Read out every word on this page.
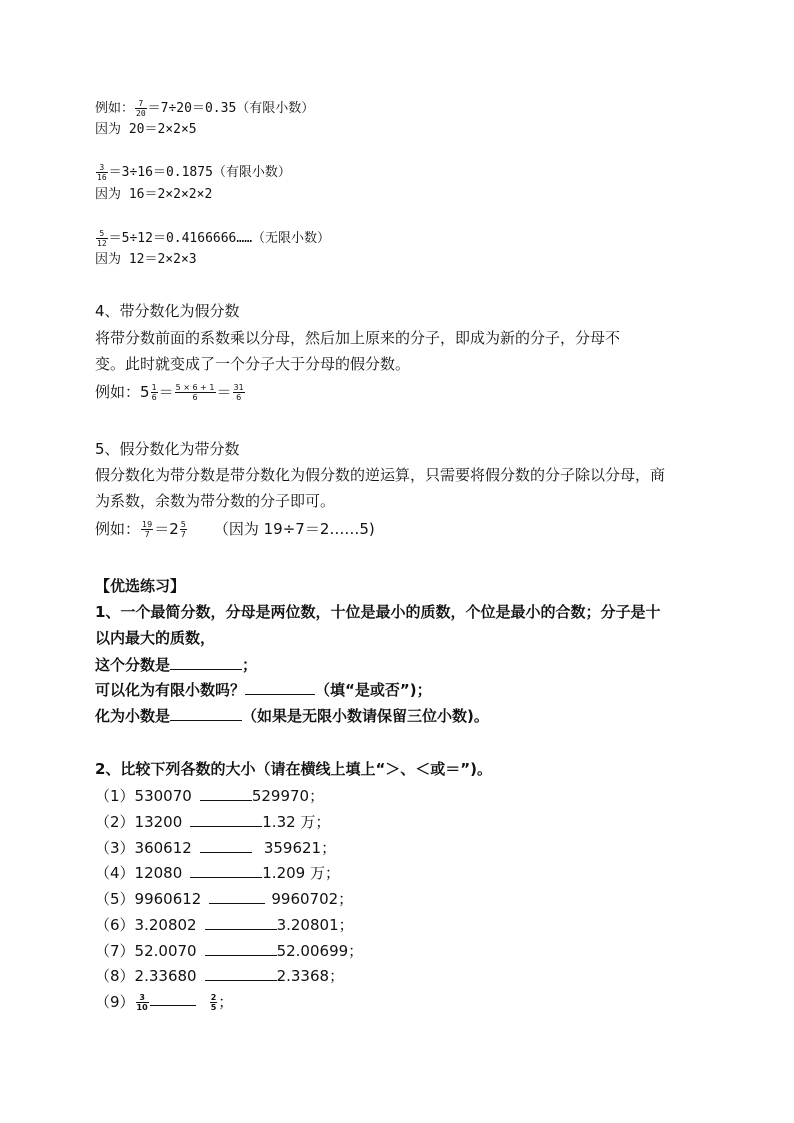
例如： $\frac{7}{20} =7\div 20=0.35$（有限小数）
因为 20＝2×2×5
$\frac{3}{16} =3\div 16=0.1875$（有限小数）
因为 16＝2×2×2×2
$\frac{5}{12}$ ＝5÷12＝0.4166666……（无限小数）
因为 12＝2×2×3
4、带分数化为假分数
将带分数前面的系数乘以分母，然后加上原来的分子，即成为新的分子，分母不
变。此时就变成了一个分子大于分母的假分数。
例如：$5 \frac{1}{6} = \frac{5 \times 6 + 1}{6} = \frac{31}{6}$
5、假分数化为带分数
假分数化为带分数是带分数化为假分数的逆运算，只需要将假分数的分子除以分母，商
为系数，余数为带分数的分子即可。
例如： $\frac{19}{7} =2 \frac{5}{7}$ （因为 19÷7＝2……5)
【优选练习】
1、一个最简分数，分母是两位数，十位是最小的质数，个位是最小的合数；分子是十
以内最大的质数，
这个分数是	；
可以化为有限小数吗？	（填“是或否”)；
化为小数是	（如果是无限小数请保留三位小数)。
2、比较下列各数的大小（请在横线上填上“＞、＜或＝”)。
（1）530070	529970；
（2）13200	1.32 万；
（3）360612	359621；
（4）12080	1.209 万；
（5）9960612	9960702；
（6）3.20802	3.20801；
（7）52.0070	52.00699；
（8）2.33680	2.3368；
$(9) \frac{3}{10}$	$\frac{2}{5}$ ；
